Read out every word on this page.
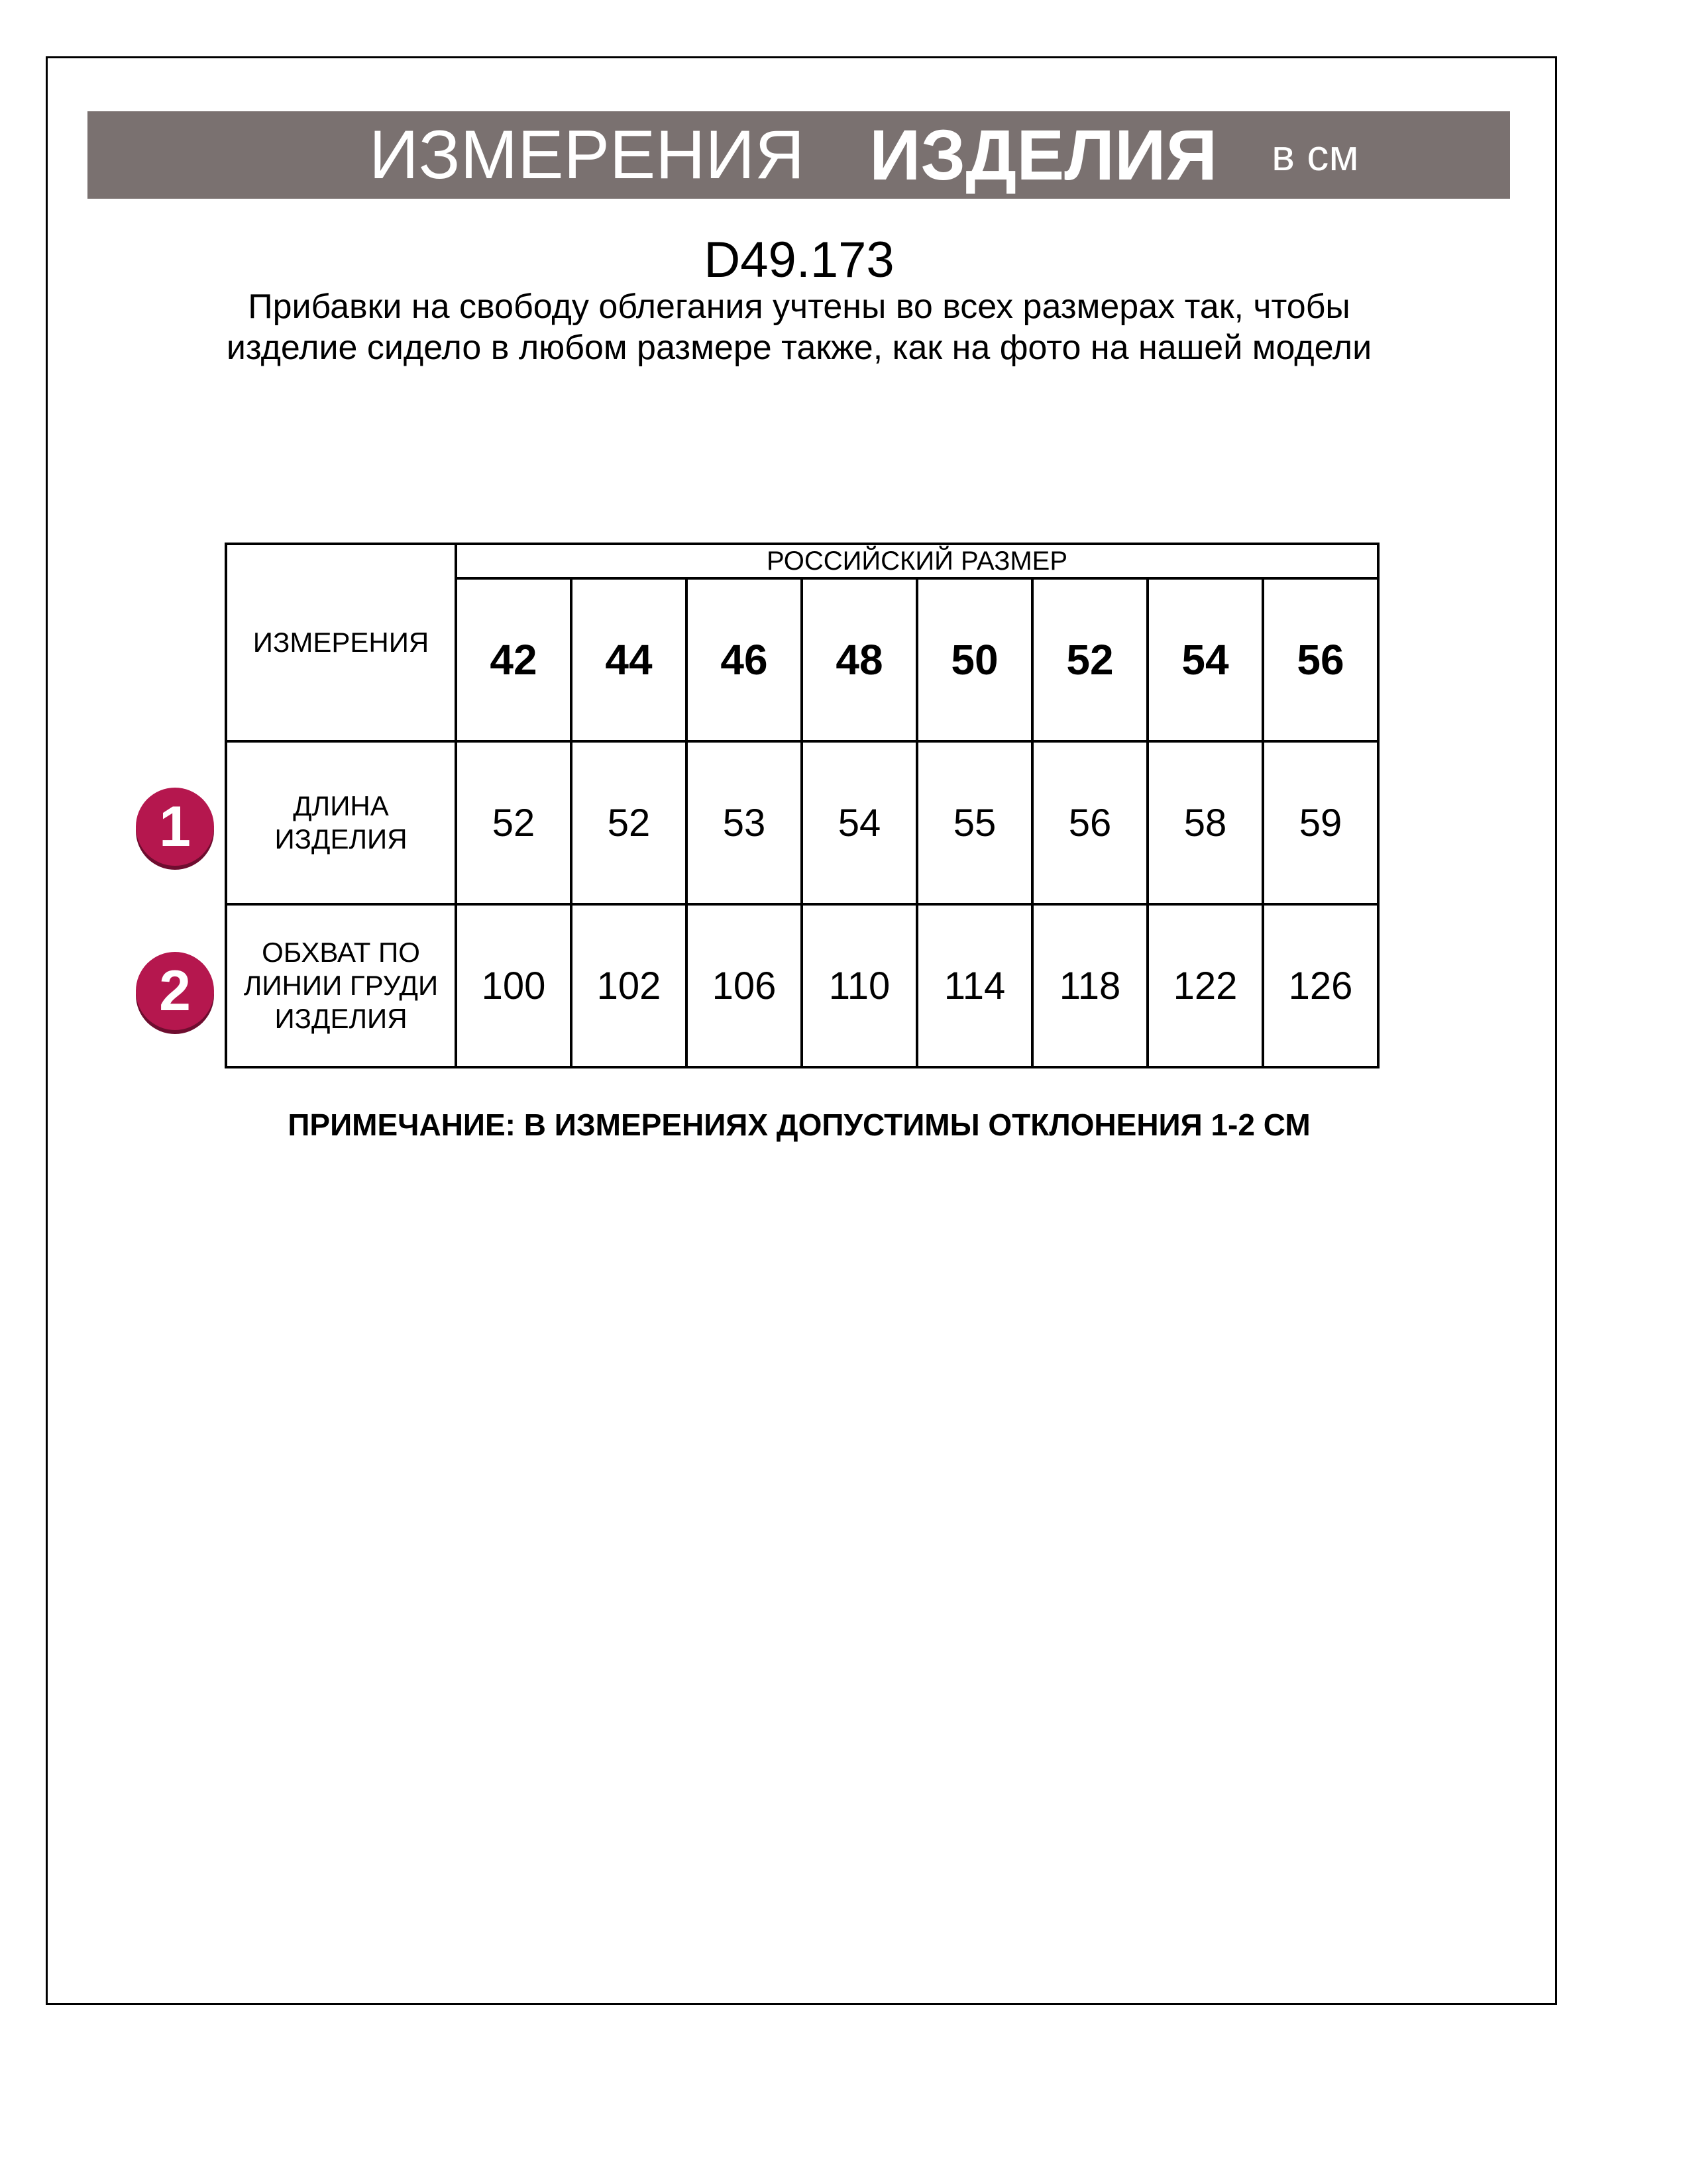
ИЗМЕРЕНИЯ ИЗДЕЛИЯ в см
D49.173
Прибавки на свободу облегания учтены во всех размерах так, чтобы изделие сидело в любом размере также, как на фото на нашей модели
ИЗМЕРЕНИЯ	РОССИЙСКИЙ РАЗМЕР							
	42	44	46	48	50	52	54	56
ДЛИНА ИЗДЕЛИЯ	52	52	53	54	55	56	58	59
ОБХВАТ ПО ЛИНИИ ГРУДИ ИЗДЕЛИЯ	100	102	106	110	114	118	122	126
1
2
ПРИМЕЧАНИЕ: В ИЗМЕРЕНИЯХ ДОПУСТИМЫ ОТКЛОНЕНИЯ 1-2 СМ
